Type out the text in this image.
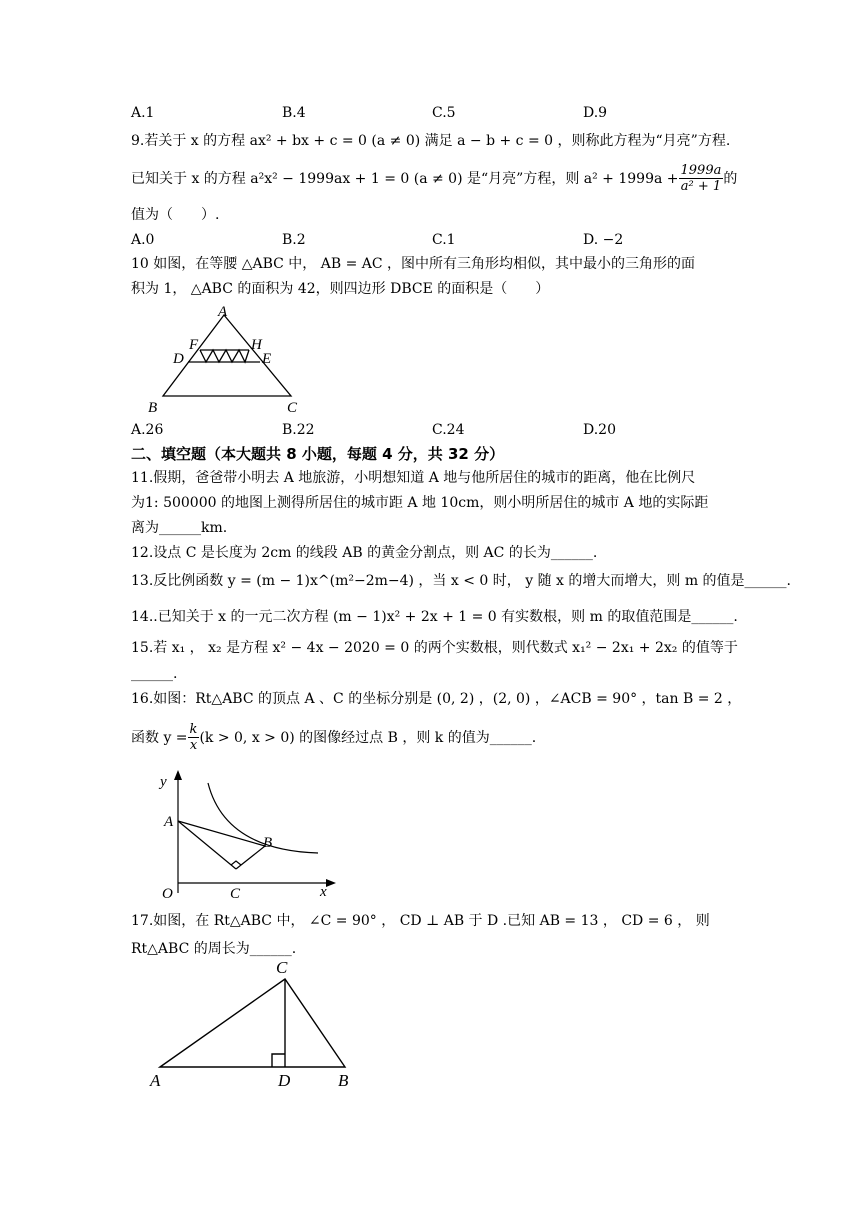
A.1	B.4	C.5	D.9
9.若关于 x 的方程 ax² + bx + c = 0 (a ≠ 0) 满足 a − b + c = 0 ，则称此方程为“月亮”方程.
已知关于 x 的方程 a²x² − 1999ax + 1 = 0 (a ≠ 0) 是“月亮”方程，则 $a^2 + 1999a + \frac{1999a}{\text{a² + 1}}$ 的
值为（　　）.
A.0	B.2	C.1	D. −2
10 如图，在等腰 △ABC 中， AB = AC ，图中所有三角形均相似，其中最小的三角形的面
积为 1， △ABC 的面积为 42，则四边形 DBCE 的面积是（　　）
A
F	H
D	E
B	C
A.26	B.22	C.24	D.20
二、填空题（本大题共 8 小题，每题 4 分，共 32 分）
11.假期，爸爸带小明去 A 地旅游，小明想知道 A 地与他所居住的城市的距离，他在比例尺
为1: 500000 的地图上测得所居住的城市距 A 地 10cm，则小明所居住的城市 A 地的实际距
离为______km.
12.设点 C 是长度为 2cm 的线段 AB 的黄金分割点，则 AC 的长为______.
13.反比例函数 y = (m − 1)x^(m²−2m−4) ，当 x < 0 时， y 随 x 的增大而增大，则 m 的值是______.
14..已知关于 x 的一元二次方程 (m − 1)x² + 2x + 1 = 0 有实数根，则 m 的取值范围是______.
15.若 x₁ ， x₂ 是方程 x² − 4x − 2020 = 0 的两个实数根，则代数式 x₁² − 2x₁ + 2x₂ 的值等于
______.
16.如图：Rt△ABC 的顶点 A 、C 的坐标分别是 (0, 2) ，(2, 0) ，∠ACB = 90° ，tan B = 2 ，
函数 $y = \frac{k}{x} (k > 0$, x > 0) 的图像经过点 B ，则 k 的值为______.
y
x
O
A
B
C
17.如图，在 Rt△ABC 中， ∠C = 90° ， CD ⊥ AB 于 D .已知 AB = 13 ， CD = 6 ， 则
Rt△ABC 的周长为______.
C
A	D	B
